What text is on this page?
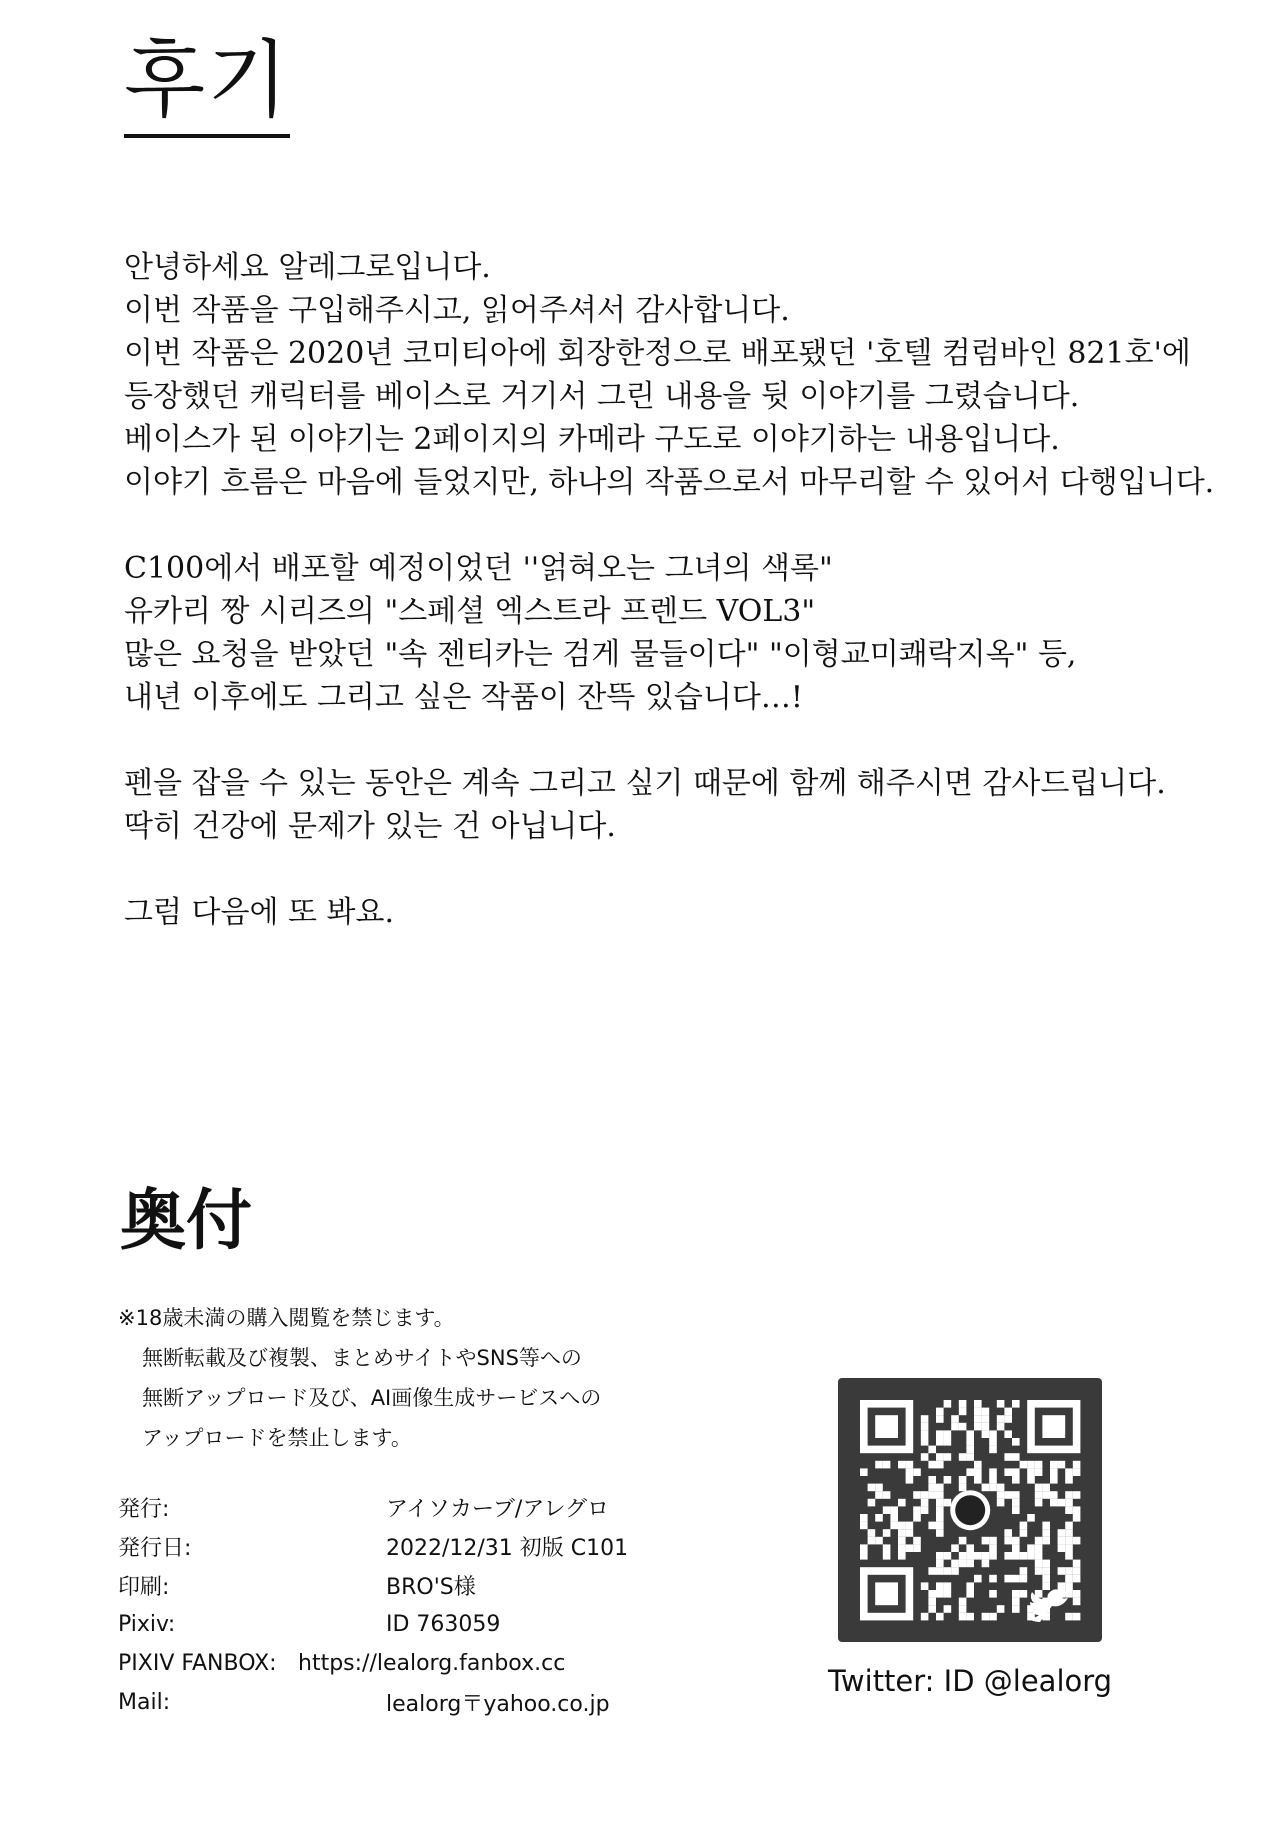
후기
안녕하세요 알레그로입니다.
이번 작품을 구입해주시고, 읽어주셔서 감사합니다.
이번 작품은 2020년 코미티아에 회장한정으로 배포됐던 '호텔 컴럼바인 821호'에
등장했던 캐릭터를 베이스로 거기서 그린 내용을 뒷 이야기를 그렸습니다.
베이스가 된 이야기는 2페이지의 카메라 구도로 이야기하는 내용입니다.
이야기 흐름은 마음에 들었지만, 하나의 작품으로서 마무리할 수 있어서 다행입니다.
C100에서 배포할 예정이었던 ''얽혀오는 그녀의 색록"
유카리 짱 시리즈의 "스페셜 엑스트라 프렌드 VOL3"
많은 요청을 받았던 "속 젠티카는 검게 물들이다" "이형교미쾌락지옥" 등,
내년 이후에도 그리고 싶은 작품이 잔뜩 있습니다…!
펜을 잡을 수 있는 동안은 계속 그리고 싶기 때문에 함께 해주시면 감사드립니다.
딱히 건강에 문제가 있는 건 아닙니다.
그럼 다음에 또 봐요.
奥付
※18歳未満の購入閲覧を禁じます。
無断転載及び複製、まとめサイトやSNS等への
無断アップロード及び、AI画像生成サービスへの
アップロードを禁止します。
発行:	アイソカーブ/アレグロ
発行日:	2022/12/31 初版 C101
印刷:	BRO'S様
Pixiv:	ID 763059
PIXIV FANBOX: https://lealorg.fanbox.cc
Mail:	lealorg〒yahoo.co.jp
Twitter: ID @lealorg
